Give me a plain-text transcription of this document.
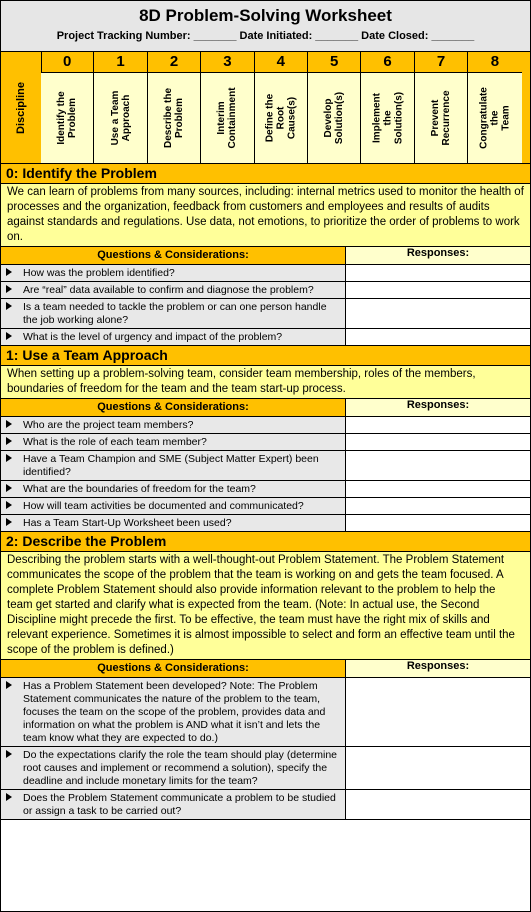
8D Problem-Solving Worksheet
Project Tracking Number: _______ Date Initiated: _______ Date Closed: _______
Discipline
0
Identify the
Problem
1
Use a Team
Approach
2
Describe the
Problem
3
Interim
Containment
4
Define the
Root
Cause(s)
5
Develop
Solution(s)
6
Implement
the
Solution(s)
7
Prevent
Recurrence
8
Congratulate
the
Team
0: Identify the Problem
We can learn of problems from many sources, including: internal metrics used to monitor the health of processes and the organization, feedback from customers and employees and results of audits against standards and regulations. Use data, not emotions, to prioritize the order of problems to work on.
Questions & Considerations:	Responses:
How was the problem identified?
Are “real” data available to confirm and diagnose the problem?
Is a team needed to tackle the problem or can one person handle the job working alone?
What is the level of urgency and impact of the problem?
1: Use a Team Approach
When setting up a problem-solving team, consider team membership, roles of the members, boundaries of freedom for the team and the team start-up process.
Questions & Considerations:	Responses:
Who are the project team members?
What is the role of each team member?
Have a Team Champion and SME (Subject Matter Expert) been identified?
What are the boundaries of freedom for the team?
How will team activities be documented and communicated?
Has a Team Start-Up Worksheet been used?
2: Describe the Problem
Describing the problem starts with a well-thought-out Problem Statement. The Problem Statement communicates the scope of the problem that the team is working on and gets the team focused. A complete Problem Statement should also provide information relevant to the problem to help the team get started and clarify what is expected from the team. (Note: In actual use, the Second Discipline might precede the first. To be effective, the team must have the right mix of skills and relevant experience. Sometimes it is almost impossible to select and form an effective team until the scope of the problem is defined.)
Questions & Considerations:	Responses:
Has a Problem Statement been developed? Note: The Problem Statement communicates the nature of the problem to the team, focuses the team on the scope of the problem, provides data and information on what the problem is AND what it isn’t and lets the team know what they are expected to do.)
Do the expectations clarify the role the team should play (determine root causes and implement or recommend a solution), specify the deadline and include monetary limits for the team?
Does the Problem Statement communicate a problem to be studied or assign a task to be carried out?
